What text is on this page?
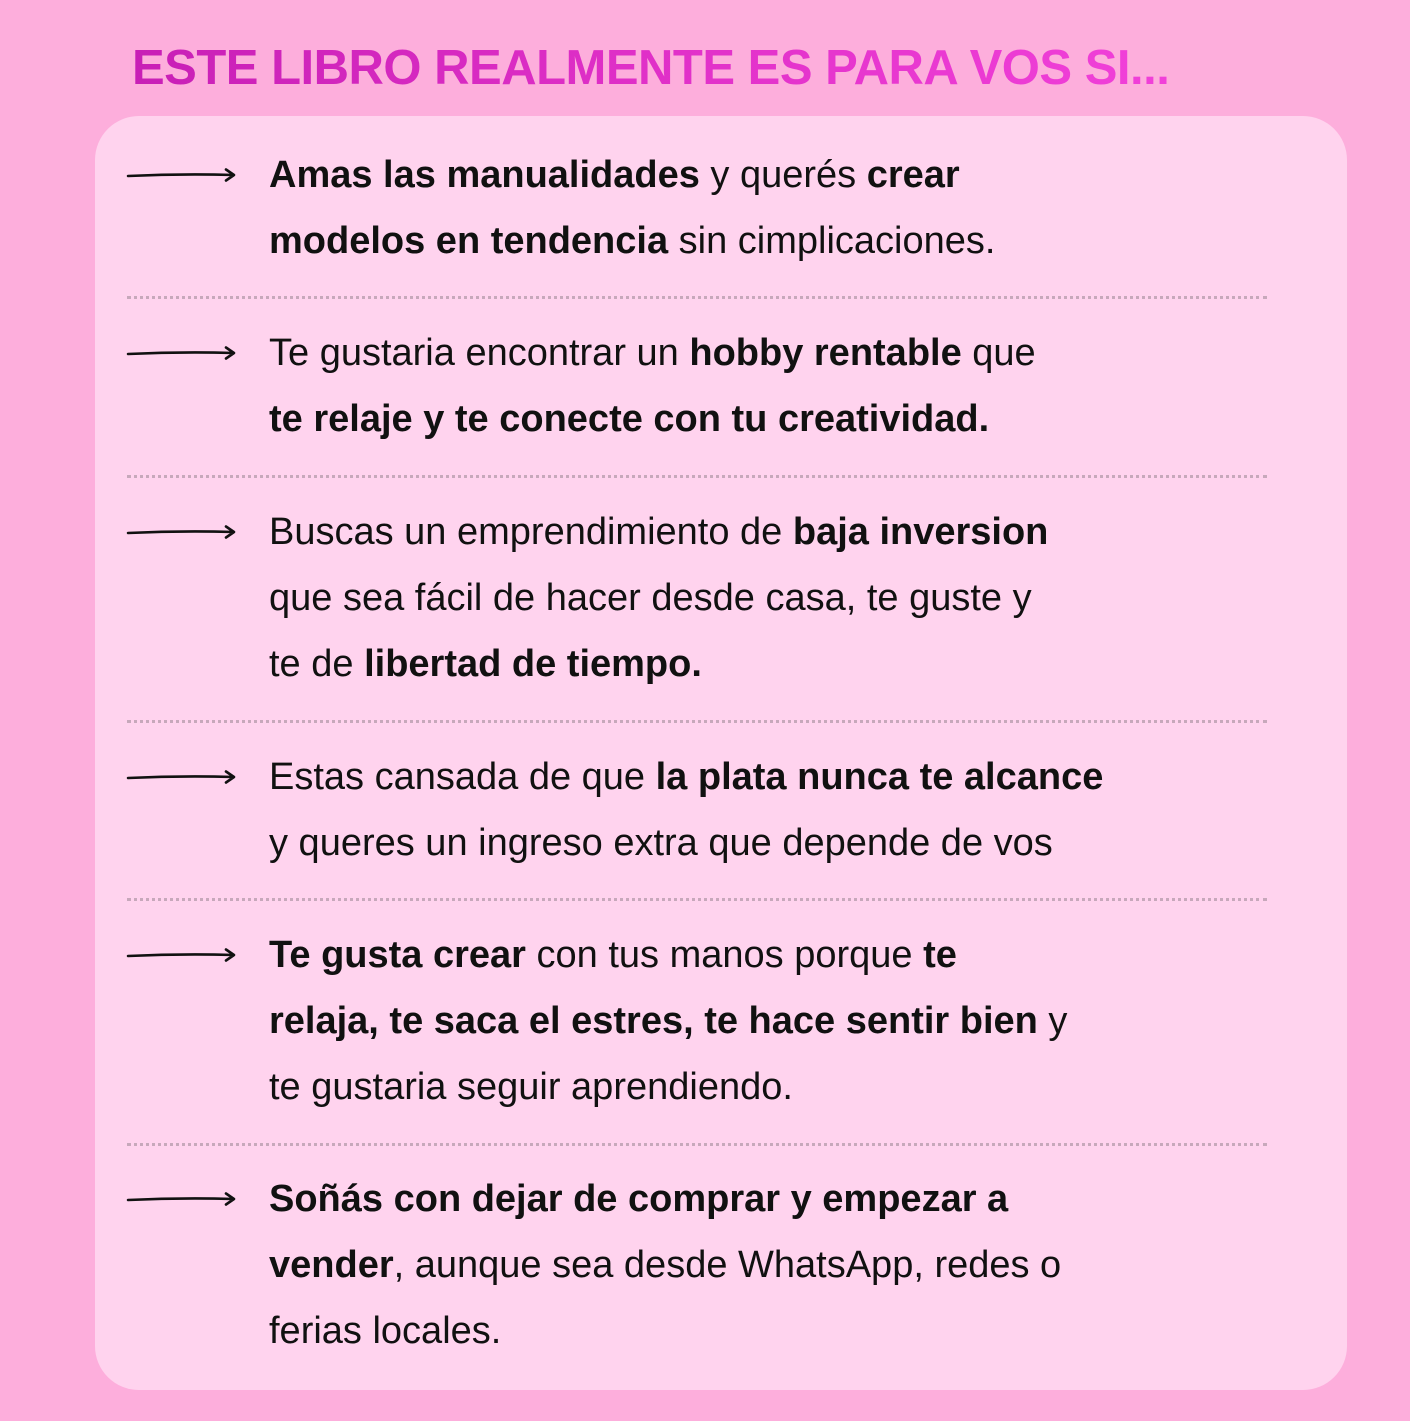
ESTE LIBRO REALMENTE ES PARA VOS SI...
Amas las manualidades y querés crear
modelos en tendencia sin cimplicaciones.
Te gustaria encontrar un hobby rentable que
te relaje y te conecte con tu creatividad.
Buscas un emprendimiento de baja inversion
que sea fácil de hacer desde casa, te guste y
te de libertad de tiempo.
Estas cansada de que la plata nunca te alcance
y queres un ingreso extra que depende de vos
Te gusta crear con tus manos porque te
relaja, te saca el estres, te hace sentir bien y
te gustaria seguir aprendiendo.
Soñás con dejar de comprar y empezar a
vender, aunque sea desde WhatsApp, redes o
ferias locales.
